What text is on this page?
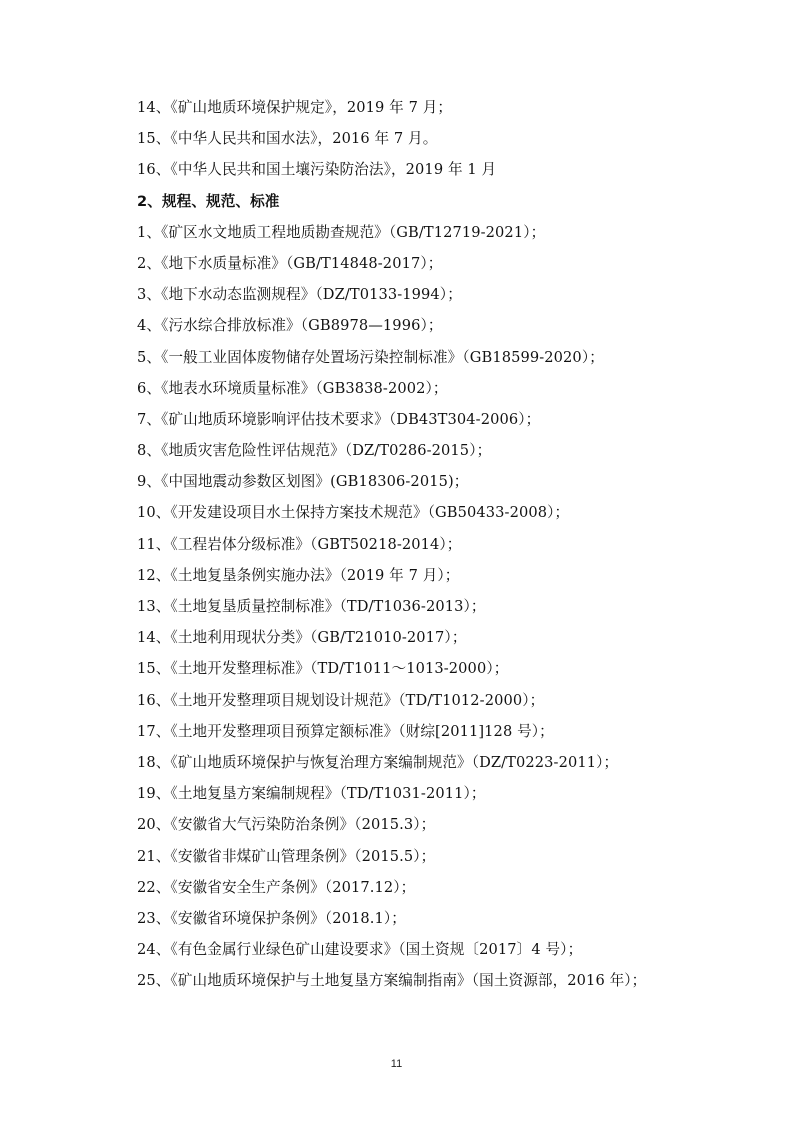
14、《矿山地质环境保护规定》，2019 年 7 月；
15、《中华人民共和国水法》，2016 年 7 月。
16、《中华人民共和国土壤污染防治法》，2019 年 1 月
2、规程、规范、标准
1、《矿区水文地质工程地质勘查规范》（GB/T12719-2021）；
2、《地下水质量标准》（GB/T14848-2017）；
3、《地下水动态监测规程》（DZ/T0133-1994）；
4、《污水综合排放标准》（GB8978—1996）；
5、《一般工业固体废物储存处置场污染控制标准》（GB18599-2020）；
6、《地表水环境质量标准》（GB3838-2002）；
7、《矿山地质环境影响评估技术要求》（DB43T304-2006）；
8、《地质灾害危险性评估规范》（DZ/T0286-2015）；
9、《中国地震动参数区划图》(GB18306-2015)；
10、《开发建设项目水土保持方案技术规范》（GB50433-2008）；
11、《工程岩体分级标准》（GBT50218-2014）；
12、《土地复垦条例实施办法》（2019 年 7 月）；
13、《土地复垦质量控制标准》（TD/T1036-2013）；
14、《土地利用现状分类》（GB/T21010-2017）；
15、《土地开发整理标准》（TD/T1011～1013-2000）；
16、《土地开发整理项目规划设计规范》（TD/T1012-2000）；
17、《土地开发整理项目预算定额标准》（财综[2011]128 号）；
18、《矿山地质环境保护与恢复治理方案编制规范》（DZ/T0223-2011）；
19、《土地复垦方案编制规程》（TD/T1031-2011）；
20、《安徽省大气污染防治条例》（2015.3）；
21、《安徽省非煤矿山管理条例》（2015.5）；
22、《安徽省安全生产条例》（2017.12）；
23、《安徽省环境保护条例》（2018.1）；
24、《有色金属行业绿色矿山建设要求》（国土资规〔2017〕4 号）；
25、《矿山地质环境保护与土地复垦方案编制指南》（国土资源部，2016 年）；
11
